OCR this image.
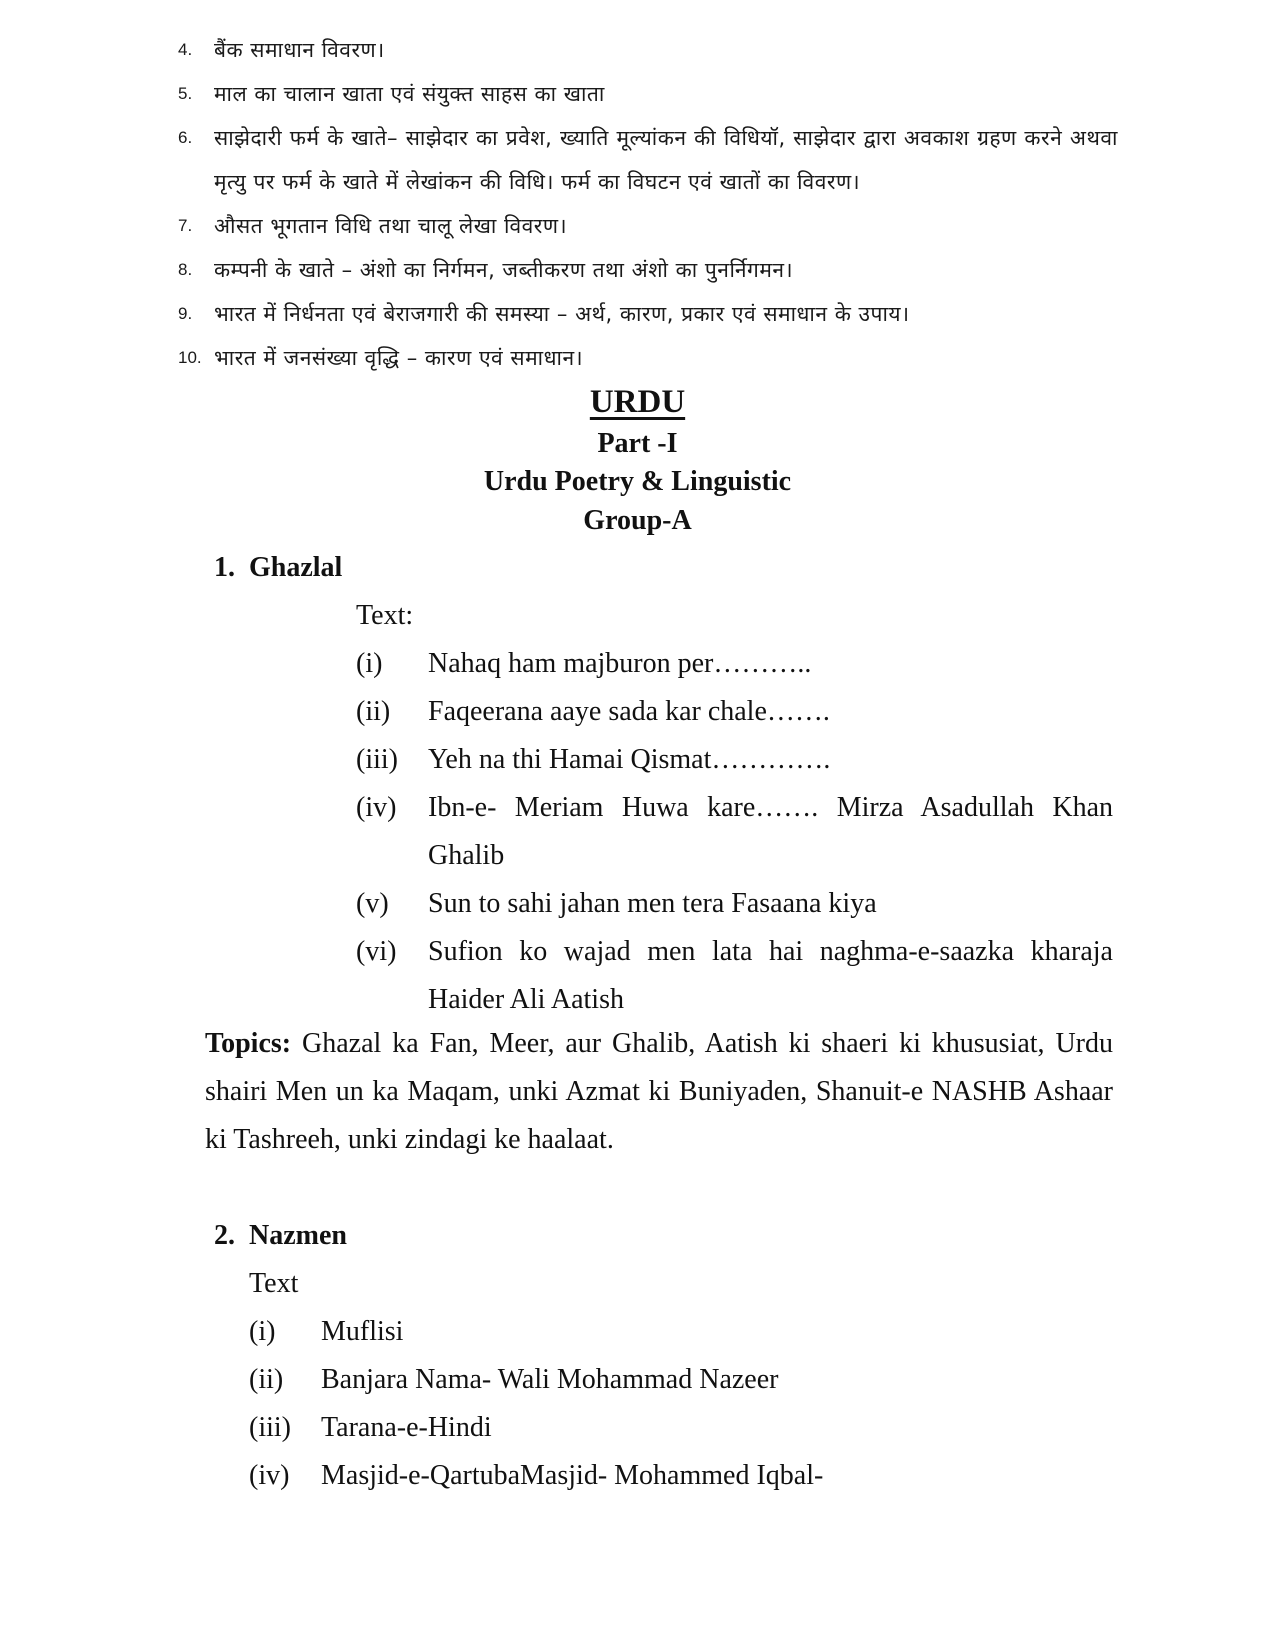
4. बैंक समाधान विवरण।
5. माल का चालान खाता एवं संयुक्त साहस का खाता
6. साझेदारी फर्म के खाते– साझेदार का प्रवेश, ख्याति मूल्यांकन की विधियॉ, साझेदार द्वारा अवकाश ग्रहण करने अथवा मृत्यु पर फर्म के खाते में लेखांकन की विधि। फर्म का विघटन एवं खातों का विवरण।
7. औसत भूगतान विधि तथा चालू लेखा विवरण।
8. कम्पनी के खाते – अंशो का निर्गमन, जब्तीकरण तथा अंशो का पुनर्निगमन।
9. भारत में निर्धनता एवं बेराजगारी की समस्या – अर्थ, कारण, प्रकार एवं समाधान के उपाय।
10. भारत में जनसंख्या वृद्धि – कारण एवं समाधान।
URDU
Part -I
Urdu Poetry & Linguistic
Group-A
1. Ghazlal
Text:
(i) Nahaq ham majburon per………..
(ii) Faqeerana aaye sada kar chale…….
(iii) Yeh na thi Hamai Qismat………….
(iv) Ibn-e- Meriam Huwa kare……. Mirza Asadullah Khan
Ghalib
(v) Sun to sahi jahan men tera Fasaana kiya
(vi) Sufion ko wajad men lata hai naghma-e-saazka kharaja
Haider Ali Aatish
Topics: Ghazal ka Fan, Meer, aur Ghalib, Aatish ki shaeri ki khususiat, Urdu shairi Men un ka Maqam, unki Azmat ki Buniyaden, Shanuit-e NASHB Ashaar ki Tashreeh, unki zindagi ke haalaat.
2. Nazmen
Text
(i) Muflisi
(ii) Banjara Nama- Wali Mohammad Nazeer
(iii) Tarana-e-Hindi
(iv) Masjid-e-QartubaMasjid- Mohammed Iqbal-
